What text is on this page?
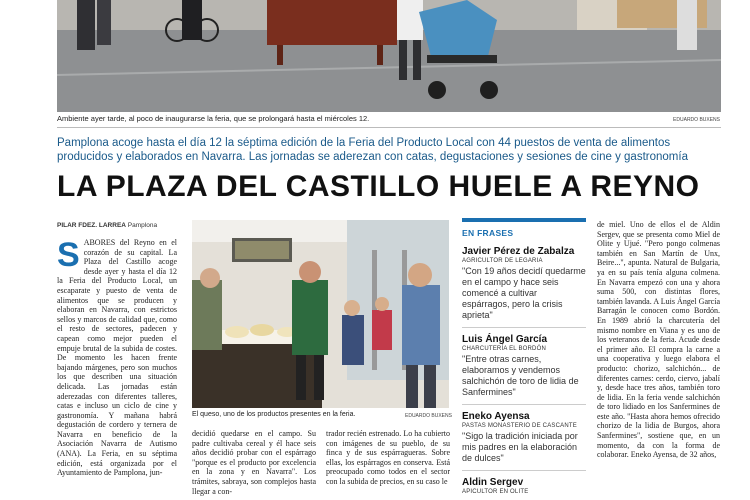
Ambiente ayer tarde, al poco de inaugurarse la feria, que se prolongará hasta el miércoles 12.	EDUARDO BUXENS
Pamplona acoge hasta el día 12 la séptima edición de la Feria del Producto Local con 44 puestos de venta de alimentos producidos y elaborados en Navarra. Las jornadas se aderezan con catas, degustaciones y sesiones de cine y gastronomía
LA PLAZA DEL CASTILLO HUELE A REYNO
PILAR FDEZ. LARREA Pamplona
S ABORES del Reyno en el corazón de su capital. La Plaza del Castillo acoge desde ayer y hasta el día 12 la Feria del Producto Local, un escaparate y puesto de venta de alimentos que se producen y elaboran en Navarra, con estrictos sellos y marcos de calidad que, como el resto de sectores, padecen y capean como mejor pueden el empuje brutal de la subida de costes. De momento les hacen frente bajando márgenes, pero son muchos los que describen una situación delicada. Las jornadas están aderezadas con diferentes talleres, catas e incluso un ciclo de cine y gastronomía. Y mañana habrá degustación de cordero y ternera de Navarra en beneficio de la Asociación Navarra de Autismo (ANA). La Feria, en su séptima edición, está organizada por el Ayuntamiento de Pamplona, jun-
El queso, uno de los productos presentes en la feria.	EDUARDO BUXENS
decidió quedarse en el campo. Su padre cultivaba cereal y él hace seis años decidió probar con el espárrago "porque es el producto por excelencia en la zona y en Navarra". Los trámites, sabraya, son complejos hasta llegar a con-
trador recién estrenado. Lo ha cubierto con imágenes de su pueblo, de su finca y de sus espárragueras. Sobre ellas, los espárragos en conserva. Está preocupado como todos en el sector con la subida de precios, en su caso le
EN FRASES
Javier Pérez de Zabalza
AGRICULTOR DE LEGARIA
"Con 19 años decidí quedarme en el campo y hace seis comencé a cultivar espárragos, pero la crisis aprieta"
Luis Ángel García
CHARCUTERÍA EL BORDÓN
"Entre otras carnes, elaboramos y vendemos salchichón de toro de lidia de Sanfermines"
Eneko Ayensa
PASTAS MONASTERIO DE CASCANTE
"Sigo la tradición iniciada por mis padres en la elaboración de dulces"
Aldin Sergev
APICULTOR EN OLITE
de miel. Uno de ellos el de Aldin Sergev, que se presenta como Miel de Olite y Ujué. "Pero pongo colmenas también en San Martín de Unx, Beire...", apunta. Natural de Bulgaria, ya en su país tenía alguna colmena. En Navarra empezó con una y ahora suma 500, con distintas flores, también lavanda. A Luis Ángel García Barragán le conocen como Bordón. En 1989 abrió la charcutería del mismo nombre en Viana y es uno de los veteranos de la feria. Acude desde el primer año. El compra la carne a una cooperativa y luego elabora el producto: chorizo, salchichón... de diferentes carnes: cerdo, ciervo, jabalí y, desde hace tres años, también toro de lidia. En la feria vende salchichón de toro lidiado en los Sanfermines de este año. "Hasta ahora hemos ofrecido chorizo de la lidia de Burgos, ahora Sanfermines", sostiene que, en un momento, da con la forma de colaborar. Eneko Ayensa, de 32 años,
